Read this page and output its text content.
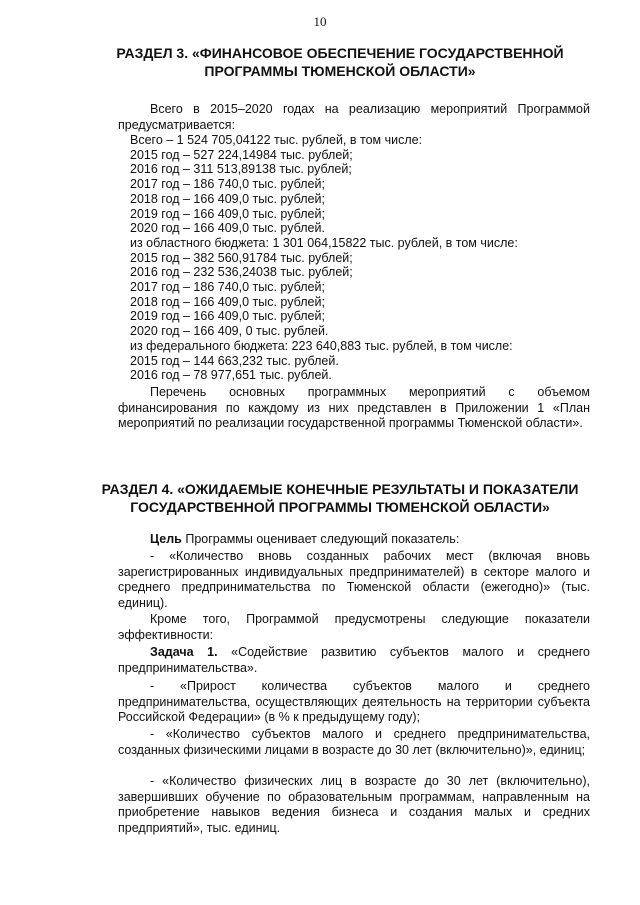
10
РАЗДЕЛ 3. «ФИНАНСОВОЕ ОБЕСПЕЧЕНИЕ ГОСУДАРСТВЕННОЙ
ПРОГРАММЫ ТЮМЕНСКОЙ ОБЛАСТИ»
Всего в 2015–2020 годах на реализацию мероприятий Программой предусматривается:
Всего – 1 524 705,04122 тыс. рублей, в том числе:
2015 год – 527 224,14984 тыс. рублей;
2016 год – 311 513,89138 тыс. рублей;
2017 год – 186 740,0 тыс. рублей;
2018 год – 166 409,0 тыс. рублей;
2019 год – 166 409,0 тыс. рублей;
2020 год – 166 409,0 тыс. рублей.
из областного бюджета: 1 301 064,15822 тыс. рублей, в том числе:
2015 год – 382 560,91784 тыс. рублей;
2016 год – 232 536,24038 тыс. рублей;
2017 год – 186 740,0 тыс. рублей;
2018 год – 166 409,0 тыс. рублей;
2019 год – 166 409,0 тыс. рублей;
2020 год – 166 409, 0 тыс. рублей.
из федерального бюджета: 223 640,883 тыс. рублей, в том числе:
2015 год – 144 663,232 тыс. рублей.
2016 год – 78 977,651 тыс. рублей.
Перечень основных программных мероприятий с объемом финансирования по каждому из них представлен в Приложении 1 «План мероприятий по реализации государственной программы Тюменской области».
РАЗДЕЛ 4. «ОЖИДАЕМЫЕ КОНЕЧНЫЕ РЕЗУЛЬТАТЫ И ПОКАЗАТЕЛИ
ГОСУДАРСТВЕННОЙ ПРОГРАММЫ ТЮМЕНСКОЙ ОБЛАСТИ»
Цель Программы оценивает следующий показатель:
- «Количество вновь созданных рабочих мест (включая вновь зарегистрированных индивидуальных предпринимателей) в секторе малого и среднего предпринимательства по Тюменской области (ежегодно)» (тыс. единиц).
Кроме того, Программой предусмотрены следующие показатели эффективности:
Задача 1. «Содействие развитию субъектов малого и среднего предпринимательства».
- «Прирост количества субъектов малого и среднего предпринимательства, осуществляющих деятельность на территории субъекта Российской Федерации» (в % к предыдущему году);
- «Количество субъектов малого и среднего предпринимательства, созданных физическими лицами в возрасте до 30 лет (включительно)», единиц;
- «Количество физических лиц в возрасте до 30 лет (включительно), завершивших обучение по образовательным программам, направленным на приобретение навыков ведения бизнеса и создания малых и средних предприятий», тыс. единиц.
